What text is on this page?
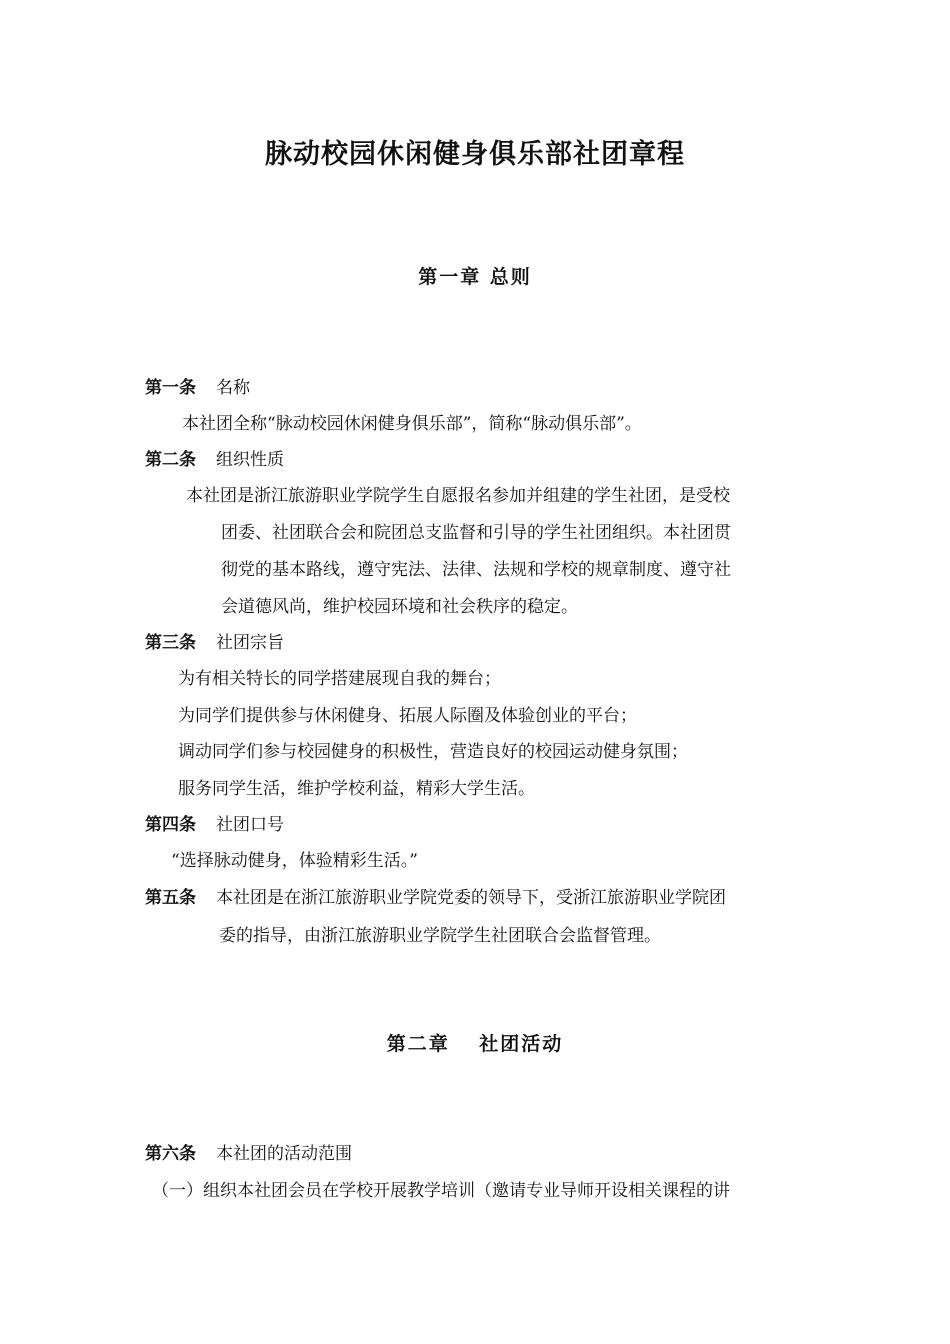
脉动校园休闲健身俱乐部社团章程
第一章 总则
第一条 名称
本社团全称“脉动校园休闲健身俱乐部”，简称“脉动俱乐部”。
第二条 组织性质
本社团是浙江旅游职业学院学生自愿报名参加并组建的学生社团，是受校
团委、社团联合会和院团总支监督和引导的学生社团组织。本社团贯
彻党的基本路线，遵守宪法、法律、法规和学校的规章制度、遵守社
会道德风尚，维护校园环境和社会秩序的稳定。
第三条 社团宗旨
为有相关特长的同学搭建展现自我的舞台；
为同学们提供参与休闲健身、拓展人际圈及体验创业的平台；
调动同学们参与校园健身的积极性，营造良好的校园运动健身氛围；
服务同学生活，维护学校利益，精彩大学生活。
第四条 社团口号
“选择脉动健身，体验精彩生活。”
第五条 本社团是在浙江旅游职业学院党委的领导下，受浙江旅游职业学院团
委的指导，由浙江旅游职业学院学生社团联合会监督管理。
第二章　 社团活动
第六条 本社团的活动范围
（一）组织本社团会员在学校开展教学培训（邀请专业导师开设相关课程的讲
